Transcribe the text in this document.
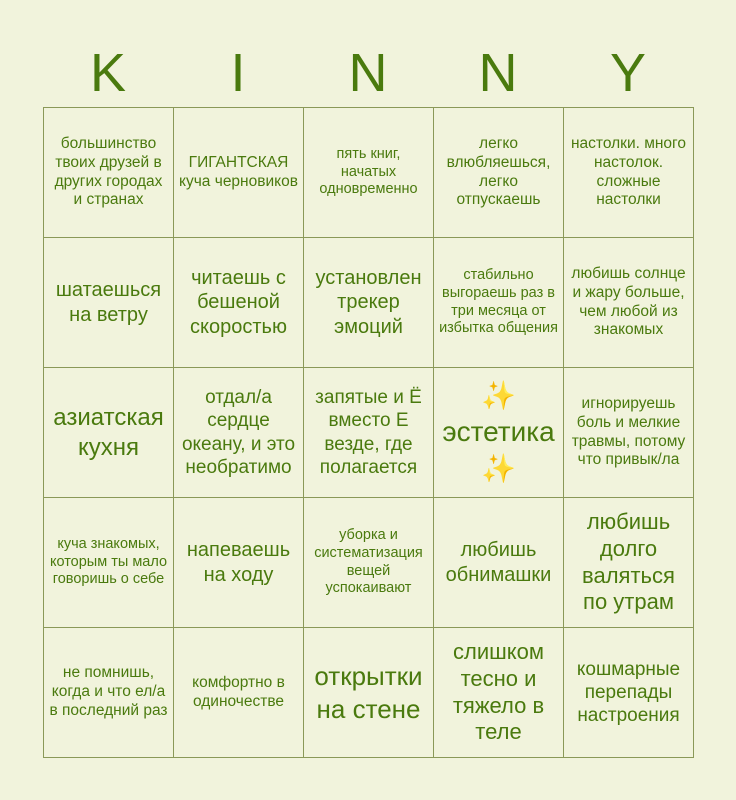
K	I	N	N	Y
большинство твоих друзей в других городах и странах
ГИГАНТСКАЯ куча черновиков
пять книг, начатых одновременно
легко влюбляешься, легко отпускаешь
настолки. много настолок. сложные настолки
шатаешься на ветру
читаешь с бешеной скоростью
установлен трекер эмоций
стабильно выгораешь раз в три месяца от избытка общения
любишь солнце и жару больше, чем любой из знакомых
азиатская кухня
отдал/а сердце океану, и это необратимо
запятые и Ё вместо Е везде, где полагается
✨ эстетика ✨
игнорируешь боль и мелкие травмы, потому что привык/ла
куча знакомых, которым ты мало говоришь о себе
напеваешь на ходу
уборка и систематизация вещей успокаивают
любишь обнимашки
любишь долго валяться по утрам
не помнишь, когда и что ел/а в последний раз
комфортно в одиночестве
открытки на стене
слишком тесно и тяжело в теле
кошмарные перепады настроения
